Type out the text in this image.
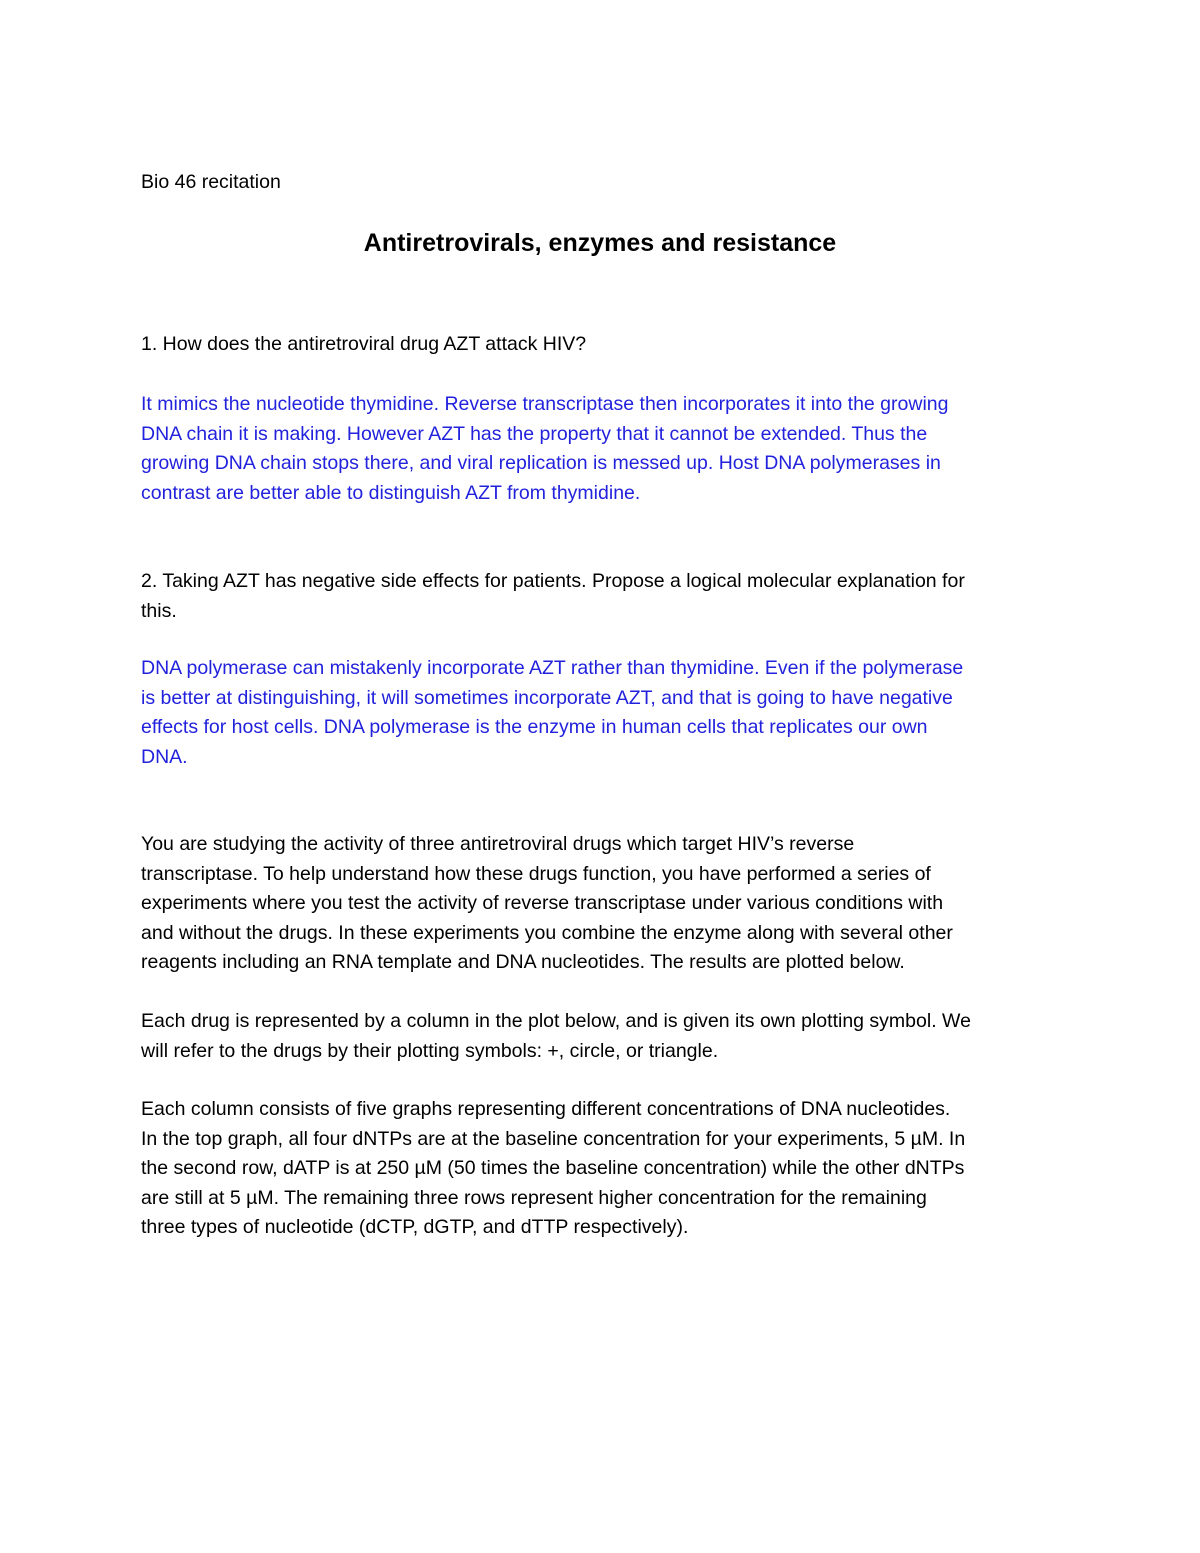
Bio 46 recitation
Antiretrovirals, enzymes and resistance
1. How does the antiretroviral drug AZT attack HIV?
It mimics the nucleotide thymidine. Reverse transcriptase then incorporates it into the growing
DNA chain it is making. However AZT has the property that it cannot be extended. Thus the
growing DNA chain stops there, and viral replication is messed up. Host DNA polymerases in
contrast are better able to distinguish AZT from thymidine.
2. Taking AZT has negative side effects for patients. Propose a logical molecular explanation for
this.
DNA polymerase can mistakenly incorporate AZT rather than thymidine. Even if the polymerase
is better at distinguishing, it will sometimes incorporate AZT, and that is going to have negative
effects for host cells. DNA polymerase is the enzyme in human cells that replicates our own
DNA.
You are studying the activity of three antiretroviral drugs which target HIV’s reverse
transcriptase. To help understand how these drugs function, you have performed a series of
experiments where you test the activity of reverse transcriptase under various conditions with
and without the drugs. In these experiments you combine the enzyme along with several other
reagents including an RNA template and DNA nucleotides. The results are plotted below.
Each drug is represented by a column in the plot below, and is given its own plotting symbol. We
will refer to the drugs by their plotting symbols: +, circle, or triangle.
Each column consists of five graphs representing different concentrations of DNA nucleotides.
In the top graph, all four dNTPs are at the baseline concentration for your experiments, 5 µM. In
the second row, dATP is at 250 µM (50 times the baseline concentration) while the other dNTPs
are still at 5 µM. The remaining three rows represent higher concentration for the remaining
three types of nucleotide (dCTP, dGTP, and dTTP respectively).
